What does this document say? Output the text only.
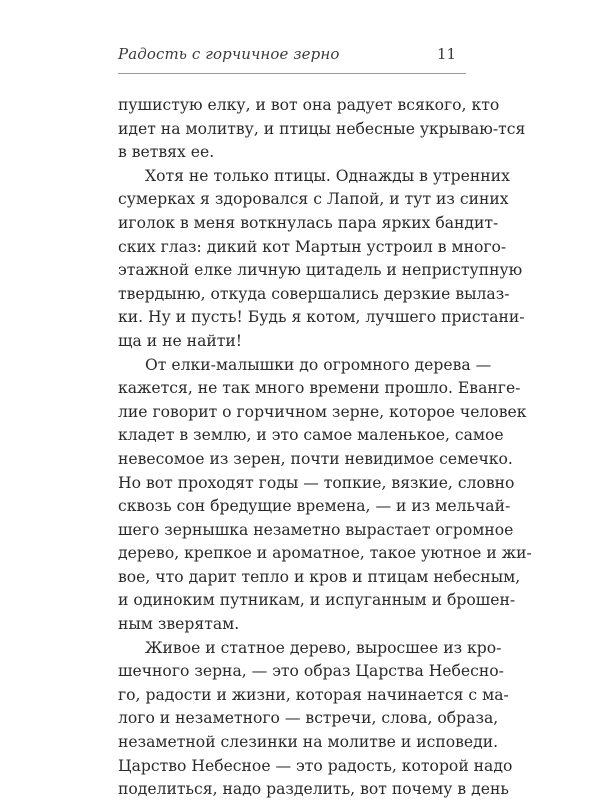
Радость с горчичное зерно	11
пушистую елку, и вот она радует всякого, кто
идет на молитву, и птицы небесные укрываю-тся
в ветвях ее.
Хотя не только птицы. Однажды в утренних
сумерках я здоровался с Лапой, и тут из синих
иголок в меня воткнулась пара ярких бандит-
ских глаз: дикий кот Мартын устроил в много-
этажной елке личную цитадель и неприступную
твердыню, откуда совершались дерзкие вылаз-
ки. Ну и пусть! Будь я котом, лучшего пристани-
ща и не найти!
От елки-малышки до огромного дерева —
кажется, не так много времени прошло. Еванге-
лие говорит о горчичном зерне, которое человек
кладет в землю, и это самое маленькое, самое
невесомое из зерен, почти невидимое семечко.
Но вот проходят годы — топкие, вязкие, словно
сквозь сон бредущие времена, — и из мельчай-
шего зернышка незаметно вырастает огромное
дерево, крепкое и ароматное, такое уютное и жи-
вое, что дарит тепло и кров и птицам небесным,
и одиноким путникам, и испуганным и брошен-
ным зверятам.
Живое и статное дерево, выросшее из кро-
шечного зерна, — это образ Царства Небесно-
го, радости и жизни, которая начинается с ма-
лого и незаметного — встречи, слова, образа,
незаметной слезинки на молитве и исповеди.
Царство Небесное — это радость, которой надо
поделиться, надо разделить, вот почему в день
